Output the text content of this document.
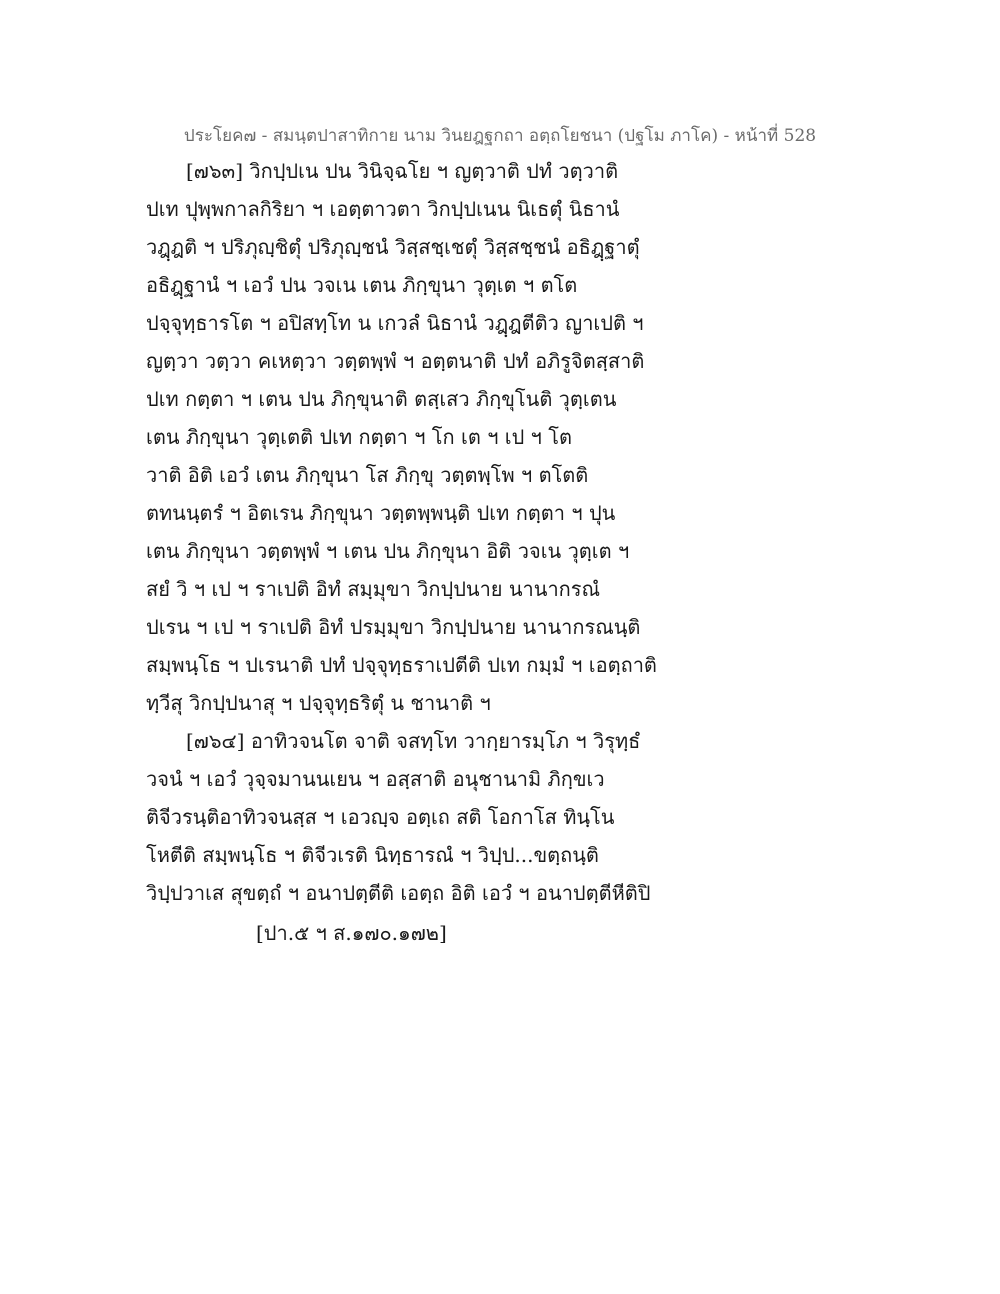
ประโยค๗ - สมนฺตปาสาทิกาย นาม วินยฎฐกถา อตฺถโยชนา (ปฐโม ภาโค) - หน้าที่ 528
[๗๖๓] วิกปฺปเน ปน วินิจฺฉโย ฯ ญตฺวาติ ปทํ วตฺวาติ
ปเท ปุพฺพกาลกิริยา ฯ เอตฺตาวตา วิกปฺปเนน นิเธตุํ นิธานํ
วฎฺฎติ ฯ ปริภุญฺชิตุํ ปริภุญฺชนํ วิสฺสชฺเชตุํ วิสฺสชฺชนํ อธิฎฺฐาตุํ
อธิฎฺฐานํ ฯ เอวํ ปน วจเน เตน ภิกฺขุนา วุตฺเต ฯ ตโต
ปจฺจุทฺธารโต ฯ อปิสทฺโท น เกวลํ นิธานํ วฎฺฎตีติว ญาเปติ ฯ
ญตฺวา วตฺวา คเหตฺวา วตฺตพฺพํ ฯ อตฺตนาติ ปทํ อภิรูจิตสฺสาติ
ปเท กตฺตา ฯ เตน ปน ภิกฺขุนาติ ตสฺเสว ภิกฺขุโนติ วุตฺเตน
เตน ภิกฺขุนา วุตฺเตติ ปเท กตฺตา ฯ โก เต ฯ เป ฯ โต
วาติ อิติ เอวํ เตน ภิกฺขุนา โส ภิกฺขุ วตฺตพฺโพ ฯ ตโตติ
ตทนนฺตรํ ฯ อิตเรน ภิกฺขุนา วตฺตพฺพนฺติ ปเท กตฺตา ฯ ปุน
เตน ภิกฺขุนา วตฺตพฺพํ ฯ เตน ปน ภิกฺขุนา อิติ วจเน วุตฺเต ฯ
สยํ วิ ฯ เป ฯ ราเปติ อิทํ สมฺมุขา วิกปฺปนาย นานากรณํ
ปเรน ฯ เป ฯ ราเปติ อิทํ ปรมฺมุขา วิกปฺปนาย นานากรณนฺติ
สมฺพนฺโธ ฯ ปเรนาติ ปทํ ปจฺจุทฺธราเปตีติ ปเท กมฺมํ ฯ เอตฺถาติ
ทฺวีสุ วิกปฺปนาสุ ฯ ปจฺจุทฺธริตุํ น ชานาติ ฯ
[๗๖๔] อาทิวจนโต จาติ จสทฺโท วากฺยารมฺโภ ฯ วิรุทฺธํ
วจนํ ฯ เอวํ วุจฺจมานนเยน ฯ อสฺสาติ อนุชานามิ ภิกฺขเว
ติจีวรนฺติอาทิวจนสฺส ฯ เอวญฺจ อตฺเถ สติ โอกาโส ทินฺโน
โหตีติ สมฺพนฺโธ ฯ ติจีวเรติ นิทฺธารณํ ฯ วิปฺป...ขตฺถนฺติ
วิปฺปวาเส สุขตฺถํ ฯ อนาปตฺตีติ เอตฺถ อิติ เอวํ ฯ อนาปตฺตีหีติปิ
[ปา.๕ ฯ ส.๑๗๐.๑๗๒]
